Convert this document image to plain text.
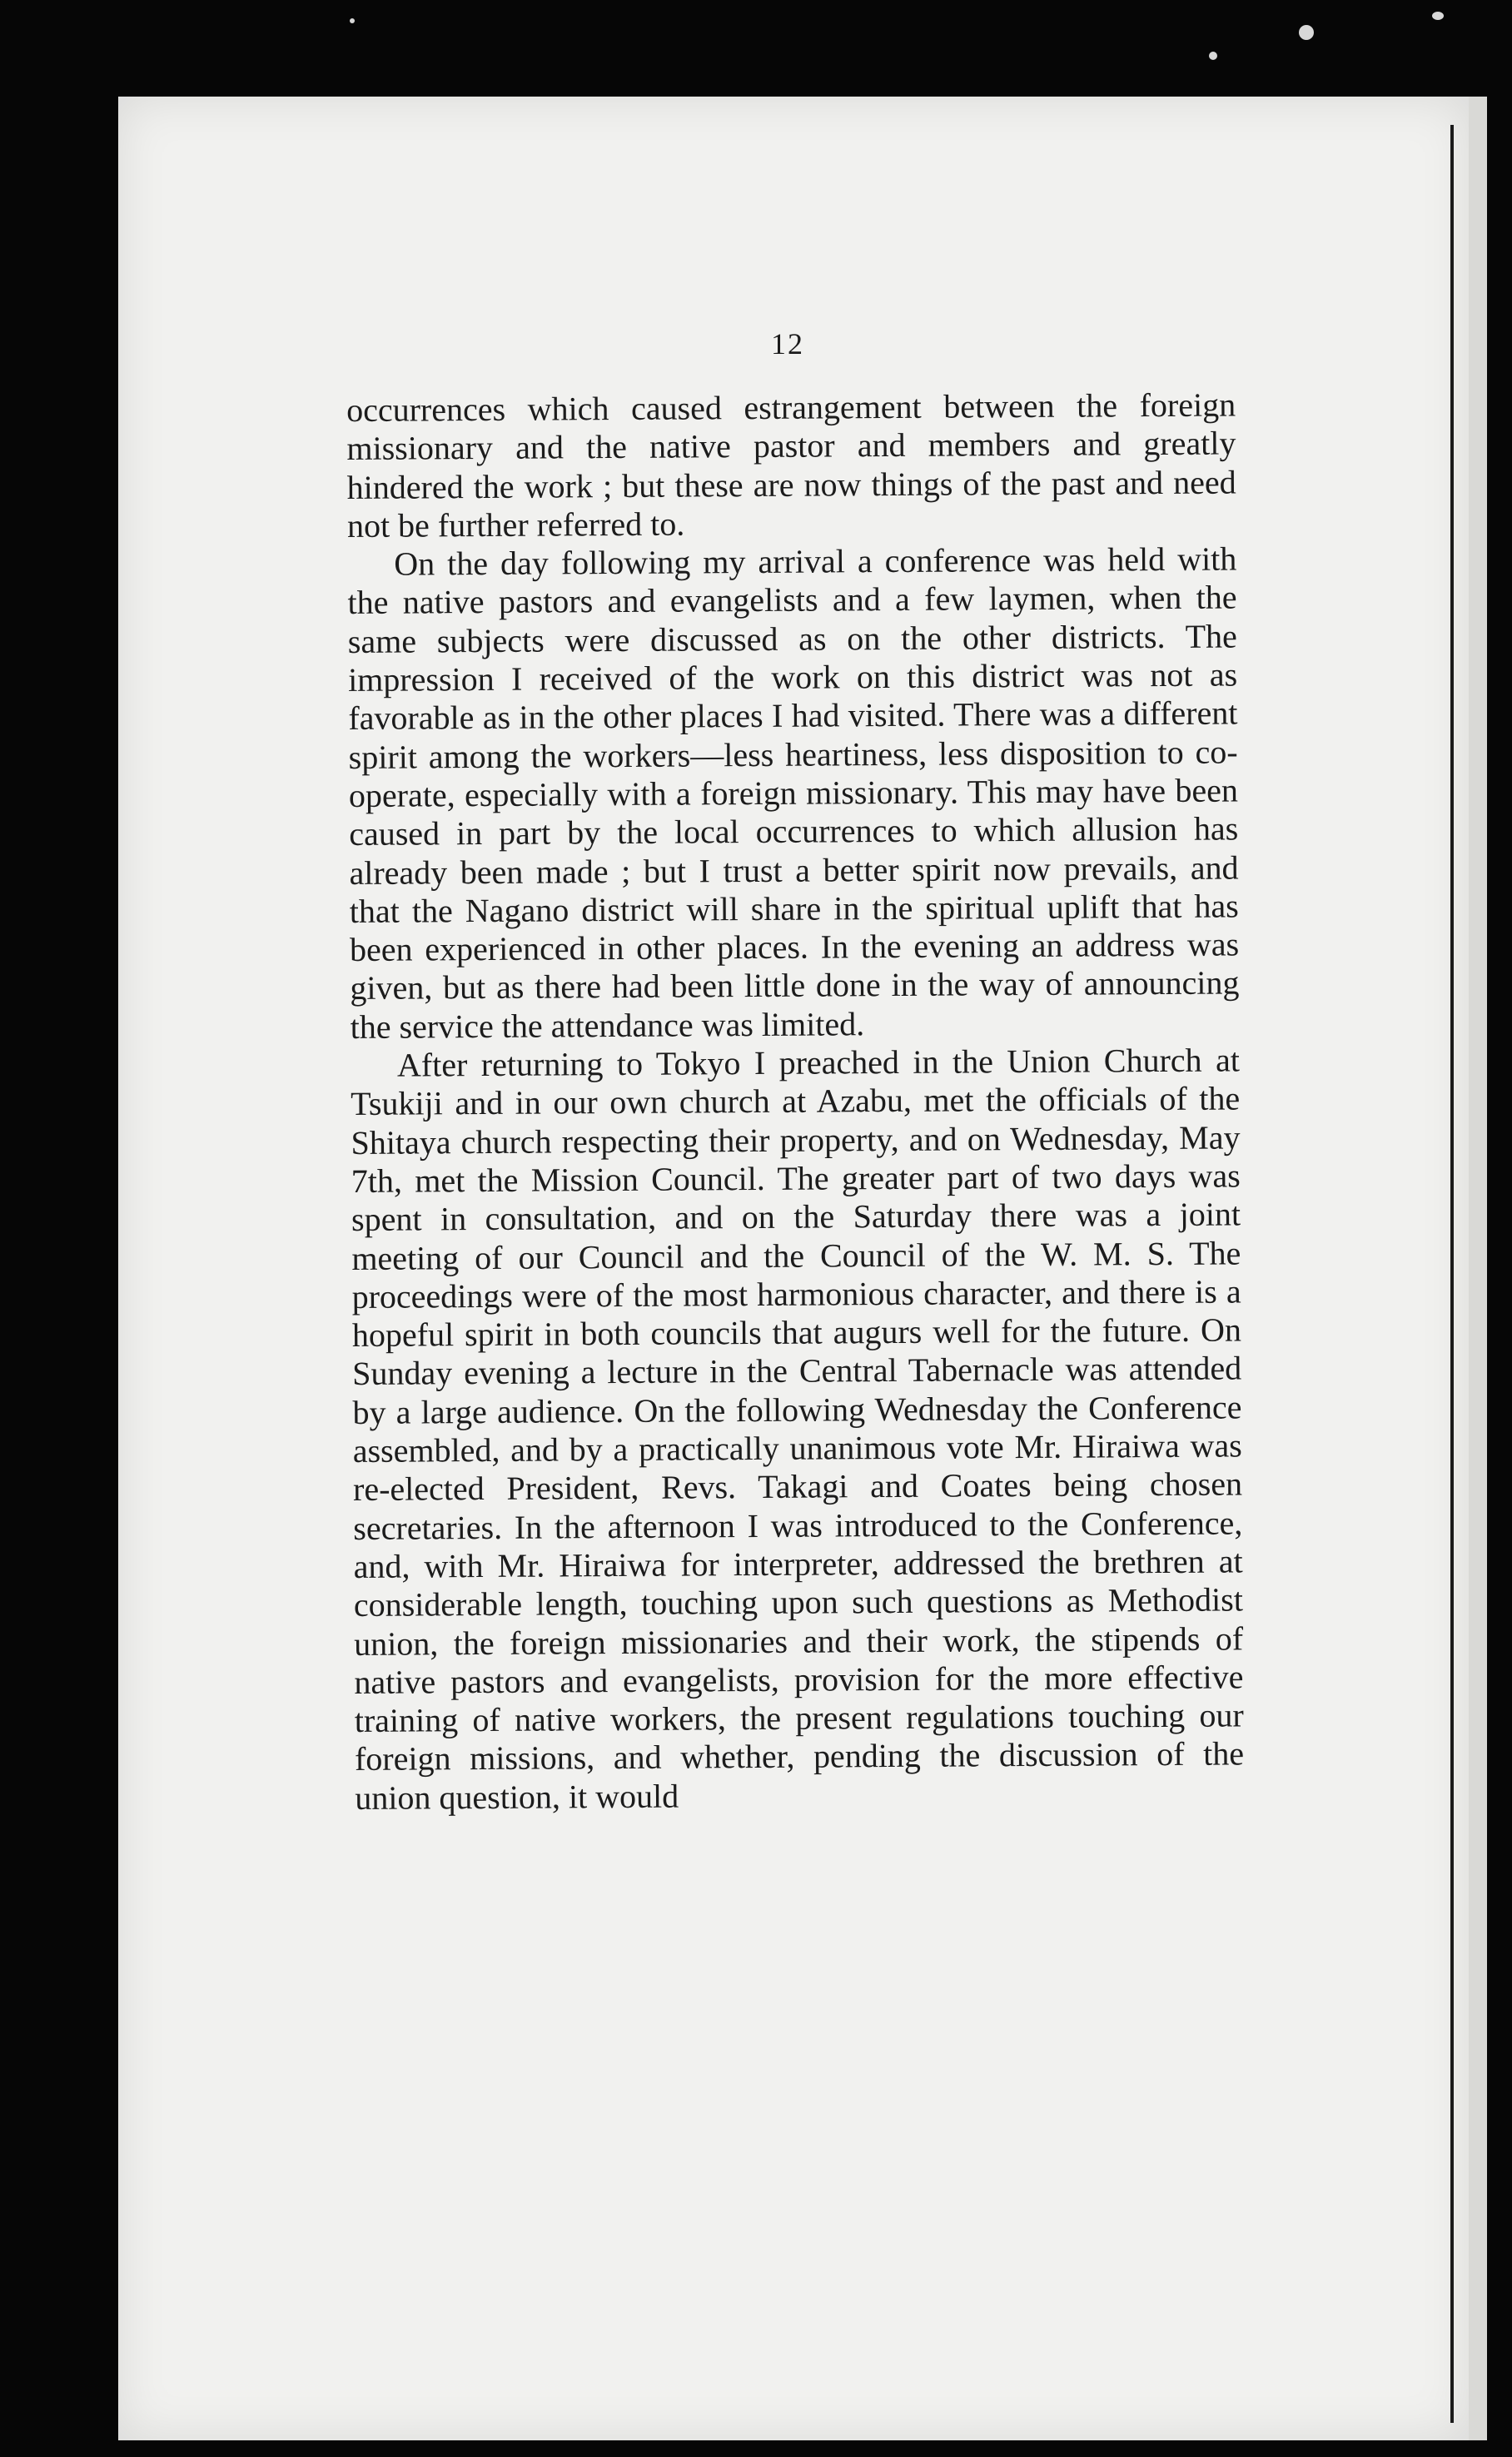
12

occurrences which caused estrangement between the foreign missionary and the native pastor and members and greatly hindered the work ; but these are now things of the past and need not be further referred to.

On the day following my arrival a conference was held with the native pastors and evangelists and a few laymen, when the same subjects were discussed as on the other districts. The impression I received of the work on this district was not as favorable as in the other places I had visited. There was a different spirit among the workers—less heartiness, less disposition to co-operate, especially with a foreign missionary. This may have been caused in part by the local occurrences to which allusion has already been made ; but I trust a better spirit now prevails, and that the Nagano district will share in the spiritual uplift that has been experienced in other places. In the evening an address was given, but as there had been little done in the way of announcing the service the attendance was limited.

After returning to Tokyo I preached in the Union Church at Tsukiji and in our own church at Azabu, met the officials of the Shitaya church respecting their property, and on Wednesday, May 7th, met the Mission Council. The greater part of two days was spent in consultation, and on the Saturday there was a joint meeting of our Council and the Council of the W. M. S. The proceedings were of the most harmonious character, and there is a hopeful spirit in both councils that augurs well for the future. On Sunday evening a lecture in the Central Tabernacle was attended by a large audience. On the following Wednesday the Conference assembled, and by a practically unanimous vote Mr. Hiraiwa was re-elected President, Revs. Takagi and Coates being chosen secretaries. In the afternoon I was introduced to the Conference, and, with Mr. Hiraiwa for interpreter, addressed the brethren at considerable length, touching upon such questions as Methodist union, the foreign missionaries and their work, the stipends of native pastors and evangelists, provision for the more effective training of native workers, the present regulations touching our foreign missions, and whether, pending the discussion of the union question, it would
